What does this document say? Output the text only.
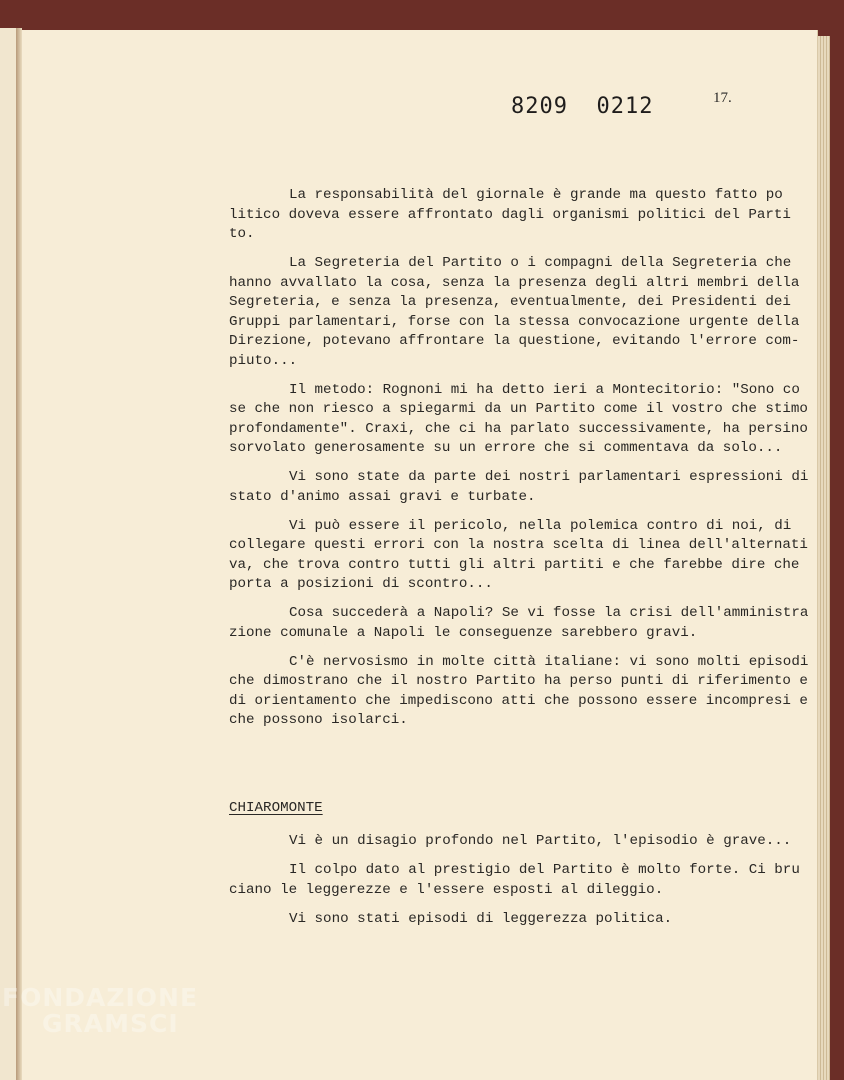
8209  0212	17.

La responsabilità del giornale è grande ma questo fatto po
litico doveva essere affrontato dagli organismi politici del Parti
to.

La Segreteria del Partito o i compagni della Segreteria che
hanno avvallato la cosa, senza la presenza degli altri membri della
Segreteria, e senza la presenza, eventualmente, dei Presidenti dei
Gruppi parlamentari, forse con la stessa convocazione urgente della
Direzione, potevano affrontare la questione, evitando l'errore com-
piuto...

Il metodo: Rognoni mi ha detto ieri a Montecitorio: "Sono co
se che non riesco a spiegarmi da un Partito come il vostro che stimo
profondamente". Craxi, che ci ha parlato successivamente, ha persino
sorvolato generosamente su un errore che si commentava da solo...

Vi sono state da parte dei nostri parlamentari espressioni di
stato d'animo assai gravi e turbate.

Vi può essere il pericolo, nella polemica contro di noi, di
collegare questi errori con la nostra scelta di linea dell'alternati
va, che trova contro tutti gli altri partiti e che farebbe dire che
porta a posizioni di scontro...

Cosa succederà a Napoli? Se vi fosse la crisi dell'amministra
zione comunale a Napoli le conseguenze sarebbero gravi.

C'è nervosismo in molte città italiane: vi sono molti episodi
che dimostrano che il nostro Partito ha perso punti di riferimento e
di orientamento che impediscono atti che possono essere incompresi e
che possono isolarci.

CHIAROMONTE

Vi è un disagio profondo nel Partito, l'episodio è grave...

Il colpo dato al prestigio del Partito è molto forte. Ci bru
ciano le leggerezze e l'essere esposti al dileggio.

Vi sono stati episodi di leggerezza politica.

FONDAZIONE
GRAMSCI
